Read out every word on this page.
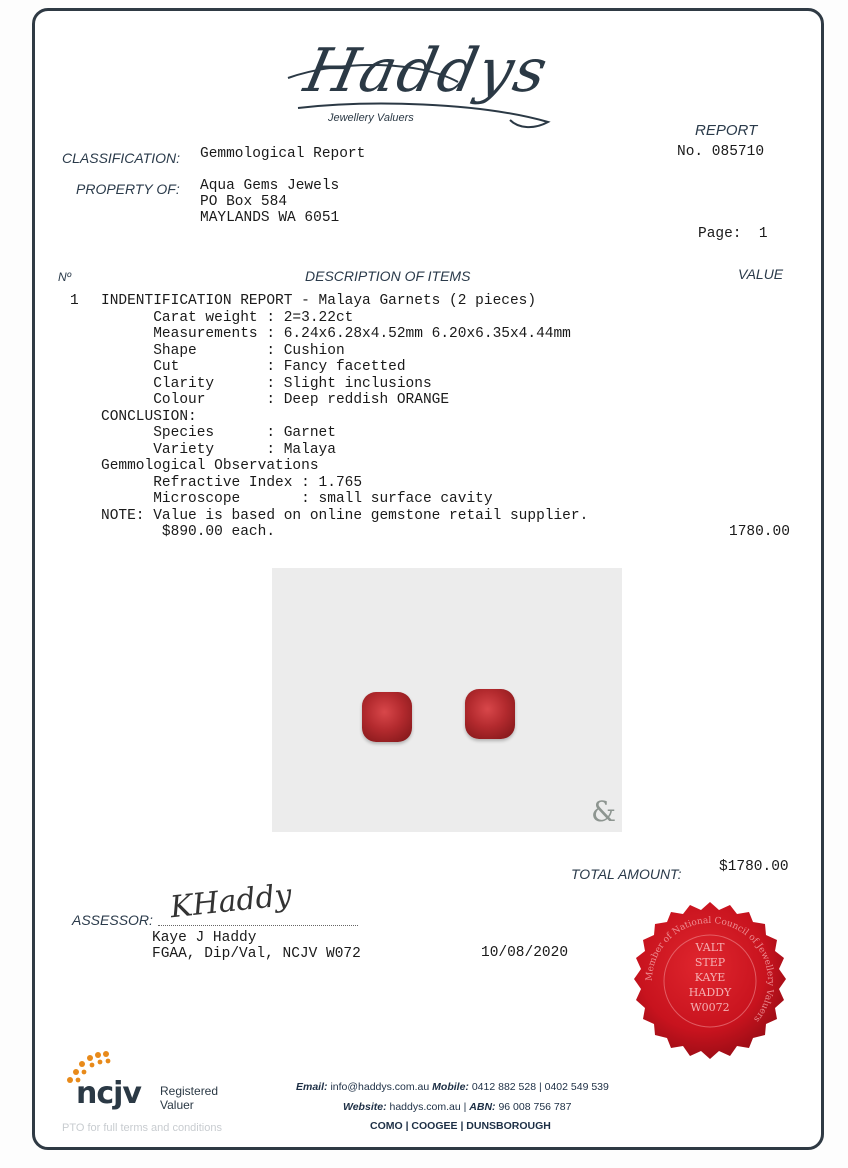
Haddys
Jewellery Valuers
REPORT
No. 085710
CLASSIFICATION: Gemmological Report
PROPERTY OF: Aqua Gems Jewels
PO Box 584
MAYLANDS WA 6051
Page:  1
Nº	DESCRIPTION OF ITEMS	VALUE
1 INDENTIFICATION REPORT - Malaya Garnets (2 pieces)
Carat weight : 2=3.22ct
Measurements : 6.24x6.28x4.52mm 6.20x6.35x4.44mm
Shape        : Cushion
Cut          : Fancy facetted
Clarity      : Slight inclusions
Colour       : Deep reddish ORANGE
CONCLUSION:
Species      : Garnet
Variety      : Malaya
Gemmological Observations
Refractive Index : 1.765
Microscope       : small surface cavity
NOTE: Value is based on online gemstone retail supplier.
$890.00 each.	1780.00
&
TOTAL AMOUNT:	$1780.00
ASSESSOR: KHaddy
Kaye J Haddy
FGAA, Dip/Val, NCJV W072	10/08/2020
Member of National Council of Jewellery Valuers
VALT
STEP
KAYE
HADDY
W0072
ncjv Registered
Valuer
PTO for full terms and conditions
Email: info@haddys.com.au Mobile: 0412 882 528 | 0402 549 539
Website: haddys.com.au | ABN: 96 008 756 787
COMO | COOGEE | DUNSBOROUGH
